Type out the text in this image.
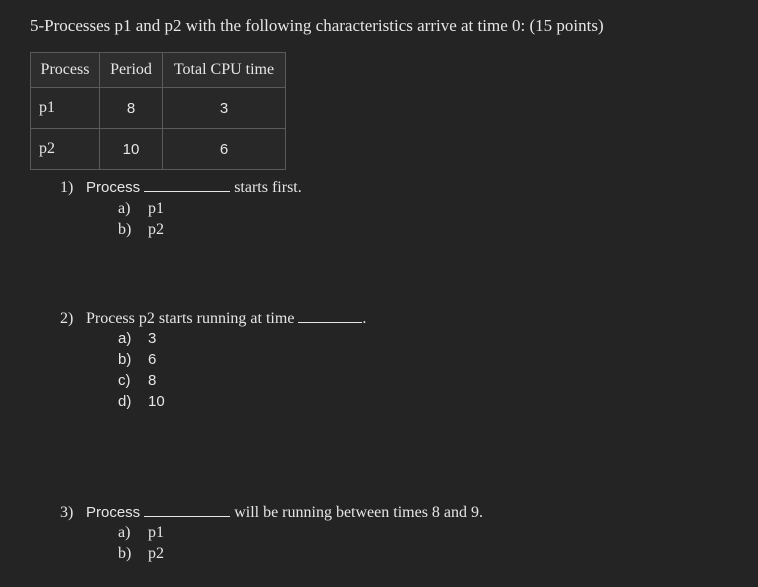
5-Processes p1 and p2 with the following characteristics arrive at time 0: (15 points)
Process	Period	Total CPU time
p1	8	3
p2	10	6
1) Process	starts first.
a) p1
b) p2
2) Process p2 starts running at time	.
a) 3
b) 6
c) 8
d) 10
3) Process	will be running between times 8 and 9.
a) p1
b) p2
